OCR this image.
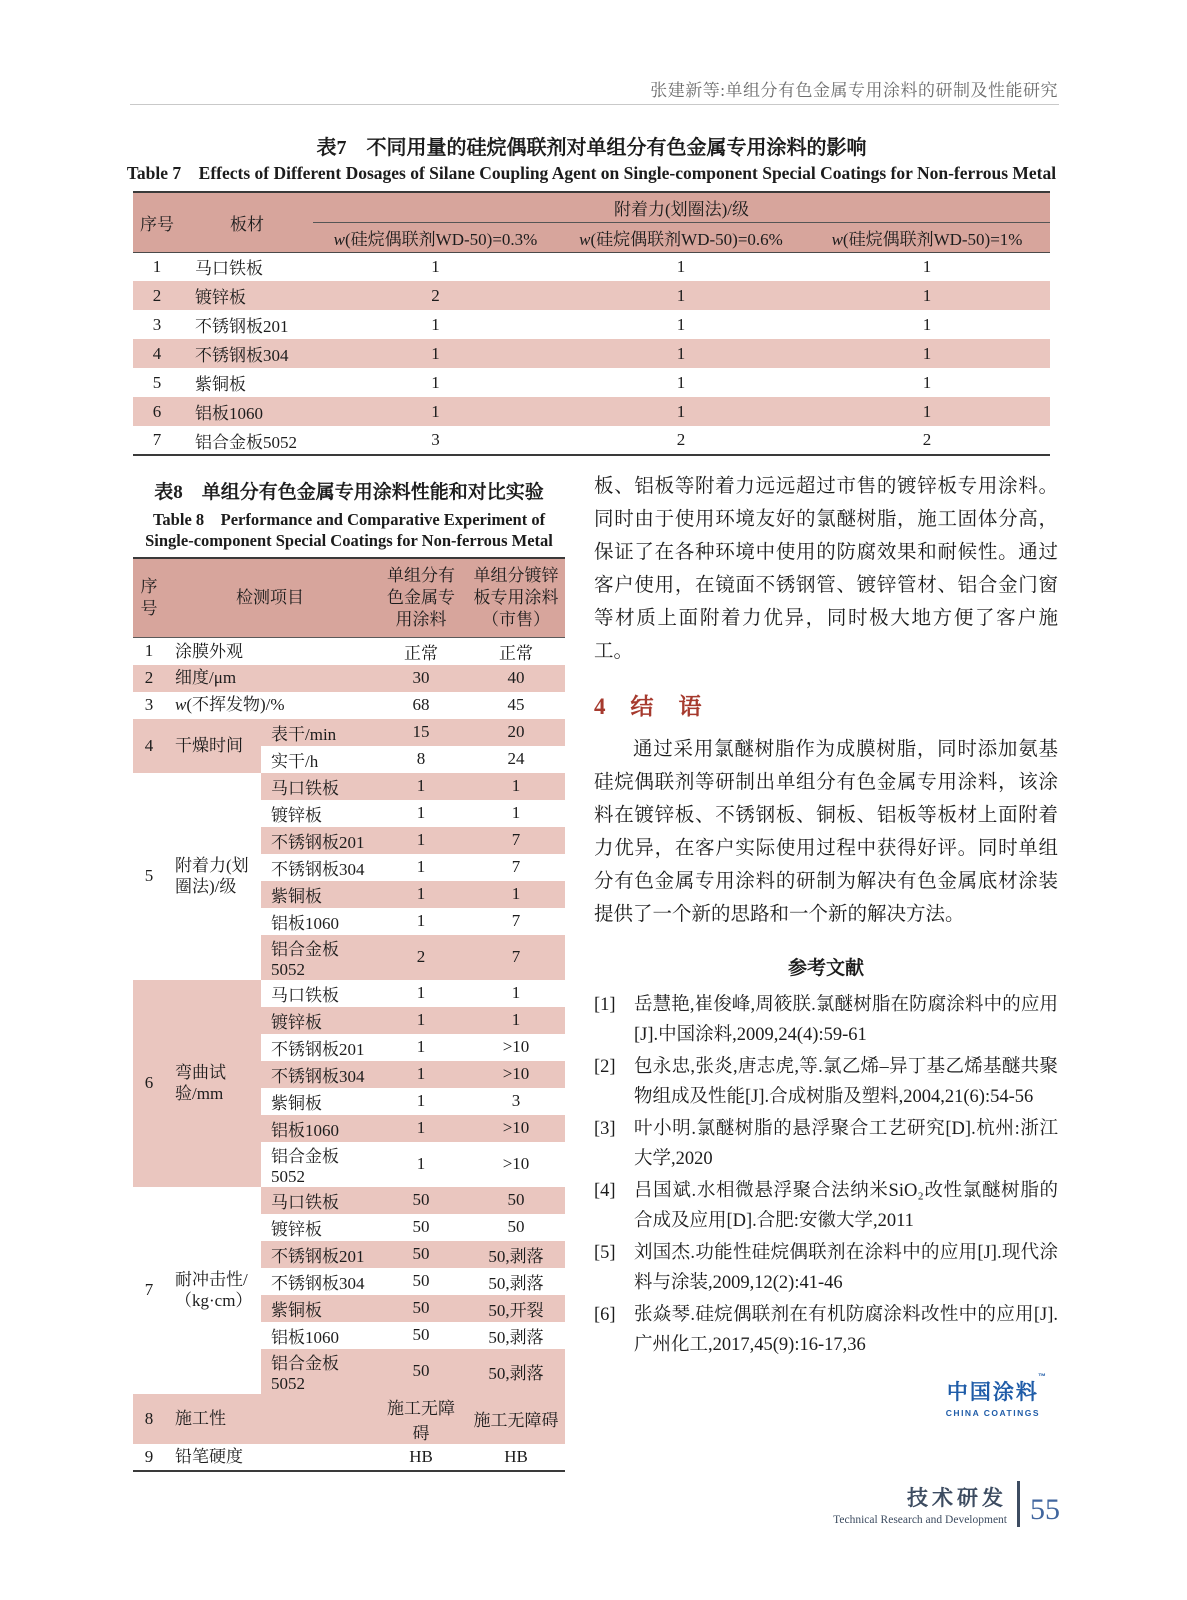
张建新等:单组分有色金属专用涂料的研制及性能研究
表7　不同用量的硅烷偶联剂对单组分有色金属专用涂料的影响
Table 7　Effects of Different Dosages of Silane Coupling Agent on Single-component Special Coatings for Non-ferrous Metal
序号	板材	附着力(划圈法)/级		
		w(硅烷偶联剂WD-50)=0.3%	w(硅烷偶联剂WD-50)=0.6%	w(硅烷偶联剂WD-50)=1%
1	马口铁板	1	1	1
2	镀锌板	2	1	1
3	不锈钢板201	1	1	1
4	不锈钢板304	1	1	1
5	紫铜板	1	1	1
6	铝板1060	1	1	1
7	铝合金板5052	3	2	2
表8　单组分有色金属专用涂料性能和对比实验
Table 8　Performance and Comparative Experiment of
Single-component Special Coatings for Non-ferrous Metal
序号	检测项目		单组分有色金属专用涂料	单组分镀锌板专用涂料（市售）
1	涂膜外观		正常	正常
2	细度/μm		30	40
3	w(不挥发物)/%		68	45
4	干燥时间	表干/min	15	20
		实干/h	8	24
5	附着力(划圈法)/级	马口铁板	1	1
		镀锌板	1	1
		不锈钢板201	1	7
		不锈钢板304	1	7
		紫铜板	1	1
		铝板1060	1	7
		铝合金板5052	2	7
6	弯曲试验/mm	马口铁板	1	1
		镀锌板	1	1
		不锈钢板201	1	>10
		不锈钢板304	1	>10
		紫铜板	1	3
		铝板1060	1	>10
		铝合金板5052	1	>10
7	耐冲击性/（kg·cm）	马口铁板	50	50
		镀锌板	50	50
		不锈钢板201	50	50,剥落
		不锈钢板304	50	50,剥落
		紫铜板	50	50,开裂
		铝板1060	50	50,剥落
		铝合金板5052	50	50,剥落
8	施工性		施工无障碍	施工无障碍
9	铅笔硬度		HB	HB

板、铝板等附着力远远超过市售的镀锌板专用涂料。同时由于使用环境友好的氯醚树脂，施工固体分高，保证了在各种环境中使用的防腐效果和耐候性。通过客户使用，在镜面不锈钢管、镀锌管材、铝合金门窗等材质上面附着力优异，同时极大地方便了客户施工。

4　结　语

通过采用氯醚树脂作为成膜树脂，同时添加氨基硅烷偶联剂等研制出单组分有色金属专用涂料，该涂料在镀锌板、不锈钢板、铜板、铝板等板材上面附着力优异，在客户实际使用过程中获得好评。同时单组分有色金属专用涂料的研制为解决有色金属底材涂装提供了一个新的思路和一个新的解决方法。

参考文献
[1] 岳慧艳,崔俊峰,周筱朕.氯醚树脂在防腐涂料中的应用[J].中国涂料,2009,24(4):59-61
[2] 包永忠,张炎,唐志虎,等.氯乙烯–异丁基乙烯基醚共聚物组成及性能[J].合成树脂及塑料,2004,21(6):54-56
[3] 叶小明.氯醚树脂的悬浮聚合工艺研究[D].杭州:浙江大学,2020
[4] 吕国斌.水相微悬浮聚合法纳米SiO₂改性氯醚树脂的合成及应用[D].合肥:安徽大学,2011
[5] 刘国杰.功能性硅烷偶联剂在涂料中的应用[J].现代涂料与涂装,2009,12(2):41-46
[6] 张焱琴.硅烷偶联剂在有机防腐涂料改性中的应用[J].广州化工,2017,45(9):16-17,36
中国涂料
™
CHINA COATINGS
技术研发
Technical Research and Development 55
